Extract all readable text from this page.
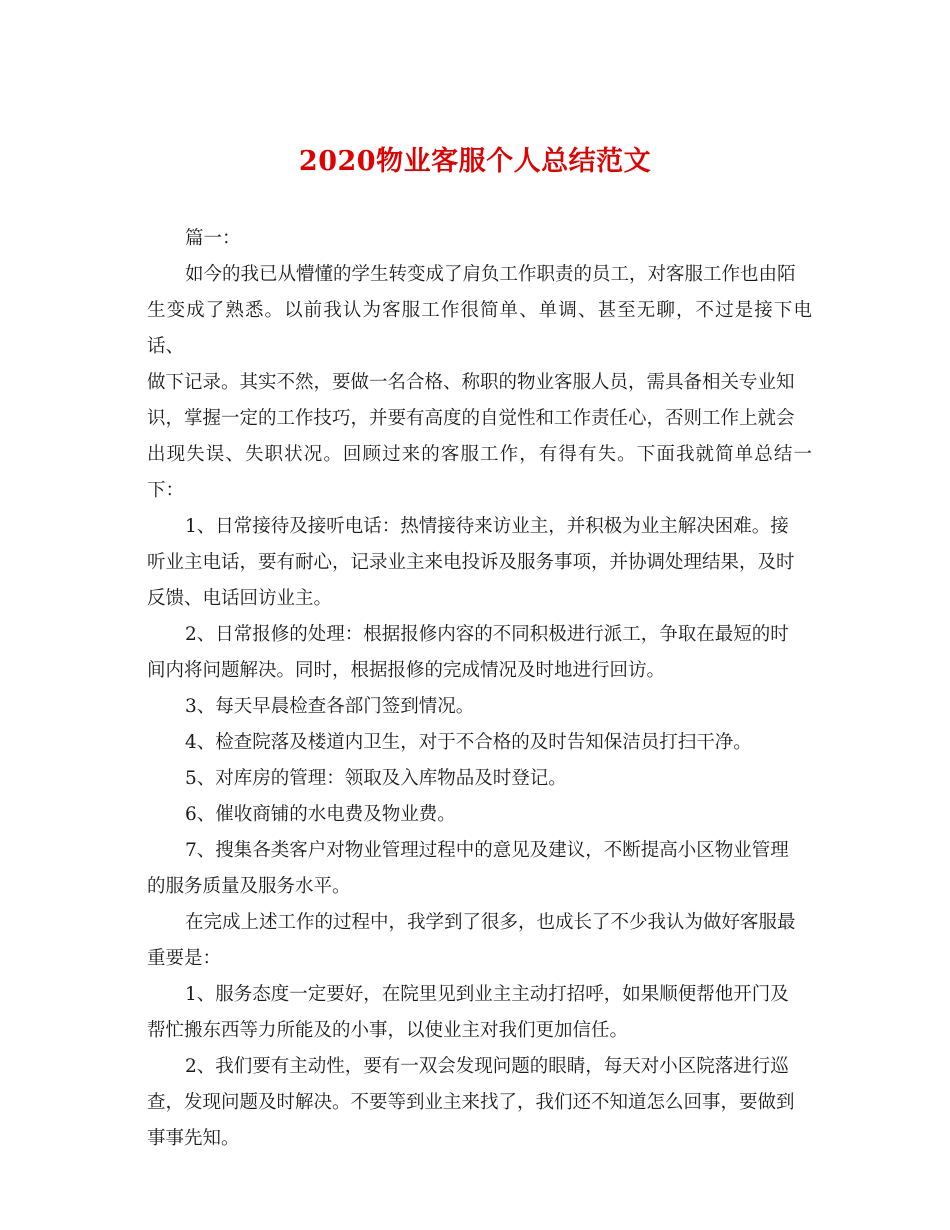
2020物业客服个人总结范文

篇一：

如今的我已从懵懂的学生转变成了肩负工作职责的员工，对客服工作也由陌
生变成了熟悉。以前我认为客服工作很简单、单调、甚至无聊，不过是接下电话、
做下记录。其实不然，要做一名合格、称职的物业客服人员，需具备相关专业知
识，掌握一定的工作技巧，并要有高度的自觉性和工作责任心，否则工作上就会
出现失误、失职状况。回顾过来的客服工作，有得有失。下面我就简单总结一下：

1、日常接待及接听电话：热情接待来访业主，并积极为业主解决困难。接
听业主电话，要有耐心，记录业主来电投诉及服务事项，并协调处理结果，及时
反馈、电话回访业主。

2、日常报修的处理：根据报修内容的不同积极进行派工，争取在最短的时
间内将问题解决。同时，根据报修的完成情况及时地进行回访。

3、每天早晨检查各部门签到情况。

4、检查院落及楼道内卫生，对于不合格的及时告知保洁员打扫干净。

5、对库房的管理：领取及入库物品及时登记。

6、催收商铺的水电费及物业费。

7、搜集各类客户对物业管理过程中的意见及建议，不断提高小区物业管理
的服务质量及服务水平。

在完成上述工作的过程中，我学到了很多，也成长了不少我认为做好客服最
重要是：

1、服务态度一定要好，在院里见到业主主动打招呼，如果顺便帮他开门及
帮忙搬东西等力所能及的小事，以使业主对我们更加信任。

2、我们要有主动性，要有一双会发现问题的眼睛，每天对小区院落进行巡
查，发现问题及时解决。不要等到业主来找了，我们还不知道怎么回事，要做到
事事先知。
